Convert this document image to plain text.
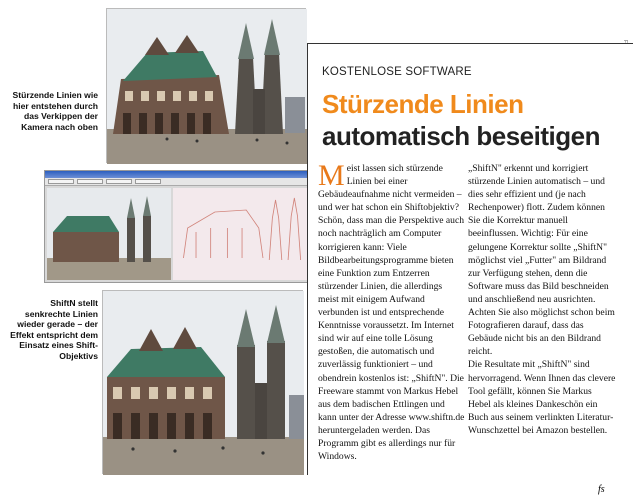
Stürzende Linien wie hier entstehen durch das Verkippen der Kamera nach oben
ShiftN stellt senkrechte Linien wieder gerade – der Effekt entspricht dem Einsatz eines Shift-Objektivs
KOSTENLOSE SOFTWARE
Stürzende Linien
automatisch beseitigen
Meist lassen sich stürzende Linien bei einer Gebäudeaufnahme nicht vermeiden – und wer hat schon ein Shiftobjektiv? Schön, dass man die Perspektive auch noch nachträglich am Computer korrigieren kann: Viele Bildbearbeitungsprogramme bieten eine Funktion zum Entzerren stürzender Linien, die allerdings meist mit einigem Aufwand verbunden ist und entsprechende Kenntnisse voraussetzt. Im Internet sind wir auf eine tolle Lösung gestoßen, die automatisch und zuverlässig funktioniert – und obendrein kostenlos ist: „ShiftN". Die Freeware stammt von Markus Hebel aus dem badischen Ettlingen und kann unter der Adresse www.shiftn.de heruntergeladen werden. Das Programm gibt es allerdings nur für Windows.

„ShiftN" erkennt und korrigiert stürzende Linien automatisch – und dies sehr effizient und (je nach Rechenpower) flott. Zudem können Sie die Korrektur manuell beeinflussen. Wichtig: Für eine gelungene Korrektur sollte „ShiftN" möglichst viel „Futter" am Bildrand zur Verfügung stehen, denn die Software muss das Bild beschneiden und anschließend neu ausrichten. Achten Sie also möglichst schon beim Fotografieren darauf, dass das Gebäude nicht bis an den Bildrand reicht.

Die Resultate mit „ShiftN" sind hervorragend. Wenn Ihnen das clevere Tool gefällt, können Sie Markus Hebel als kleines Dankeschön ein Buch aus seinem verlinkten Literatur-Wunschzettel bei Amazon bestellen.

fs
